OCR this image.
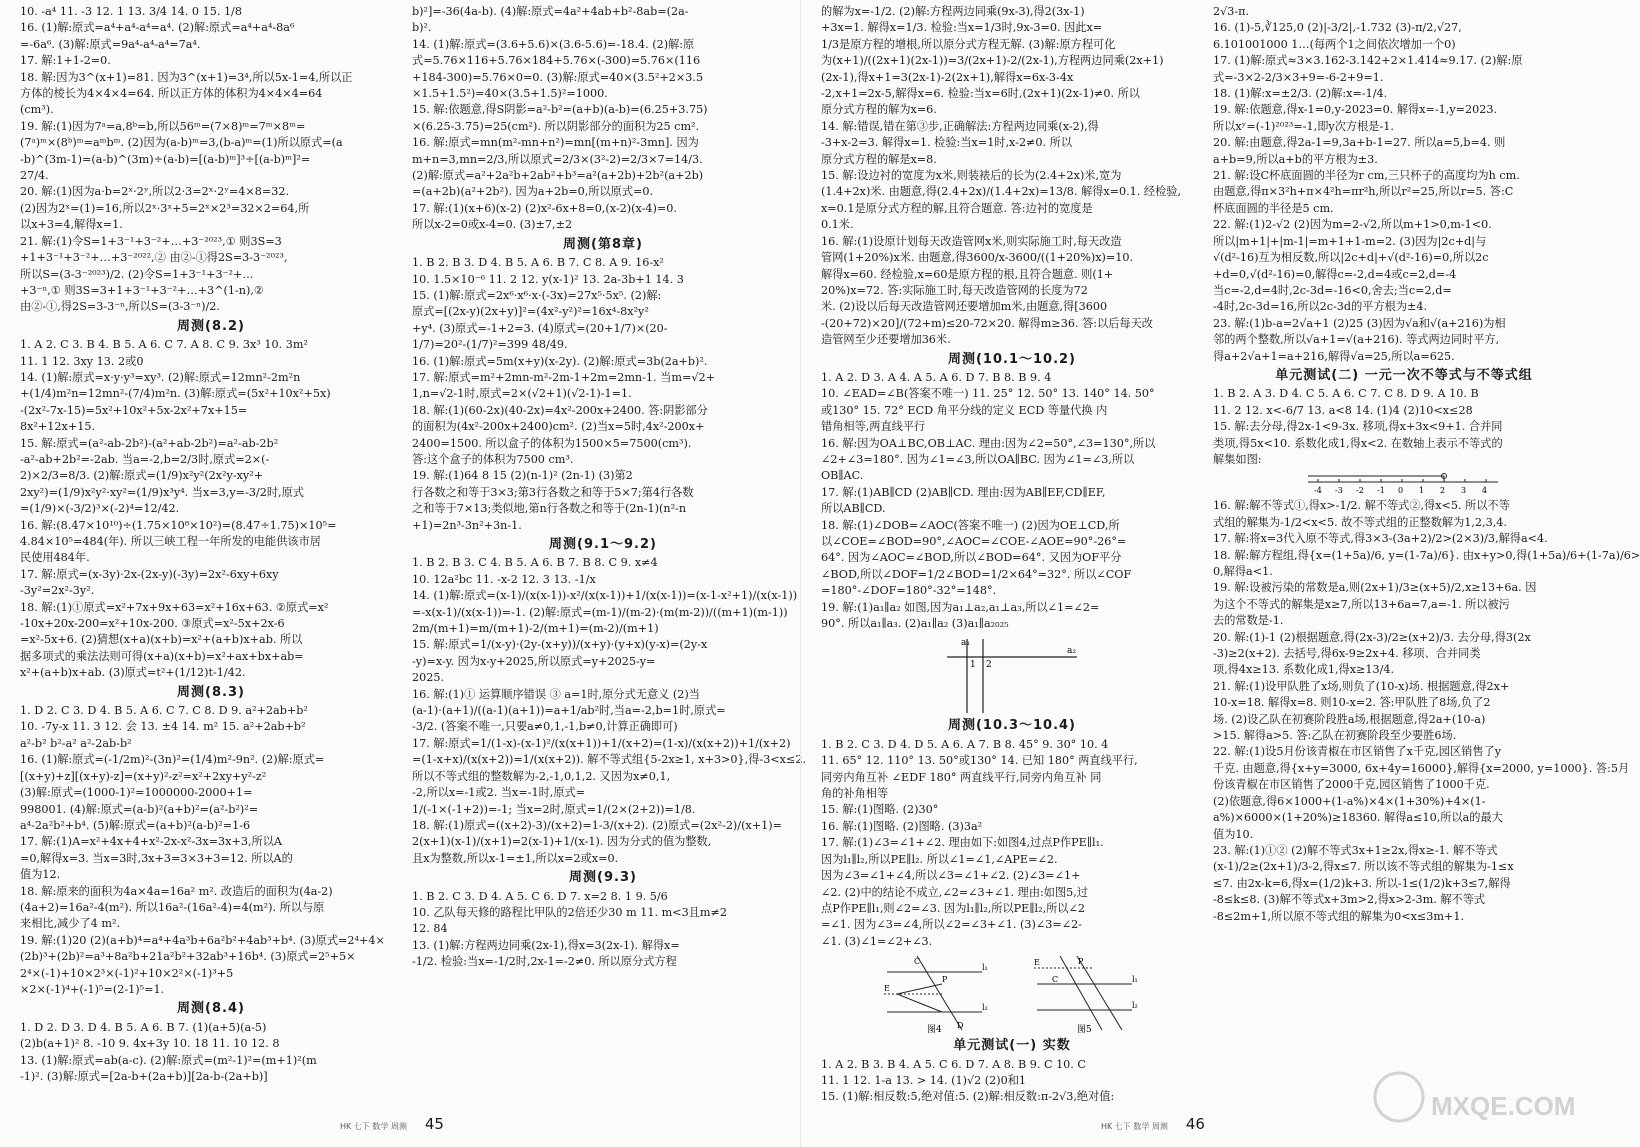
10. -a⁴ 11. -3 12. 1 13. 3/4 14. 0 15. 1/8
16. (1)解:原式=a⁴+a⁴-a⁴=a⁴. (2)解:原式=a⁴+a⁴-8a⁶
=-6a⁶. (3)解:原式=9a⁴-a⁴-a⁴=7a⁴.
17. 解:1+1-2=0.
18. 解:因为3^(x+1)=81. 因为3^(x+1)=3⁴,所以5x-1=4,所以正
方体的棱长为4×4×4=64. 所以正方体的体积为4×4×4=64
(cm³).
19. 解:(1)因为7ᵃ=a,8ᵇ=b,所以56ᵐ=(7×8)ᵐ=7ᵐ×8ᵐ=
(7ᵃ)ᵐ×(8ᵇ)ᵐ=aᵐbᵐ. (2)因为(a-b)ᵐ=3,(b-a)ᵐ=(1)所以原式=(a
-b)^(3m-1)=(a-b)^(3m)÷(a-b)=[(a-b)ᵐ]³÷[(a-b)ᵐ]²=
27/4.
20. 解:(1)因为a·b=2ˣ·2ʸ,所以2·3=2ˣ·2ʸ=4×8=32.
(2)因为2ˣ=(1)=16,所以2ˣ·3ˣ+5=2ˣ×2³=32×2=64,所
以x+3=4,解得x=1.
21. 解:(1)令S=1+3⁻¹+3⁻²+…+3⁻²⁰²³,① 则3S=3
+1+3⁻¹+3⁻²+…+3⁻²⁰²²,② 由②-①得2S=3-3⁻²⁰²³,
所以S=(3-3⁻²⁰²³)/2. (2)令S=1+3⁻¹+3⁻²+…
+3⁻ⁿ,① 则3S=3+1+3⁻¹+3⁻²+…+3^(1-n),②
由②-①,得2S=3-3⁻ⁿ,所以S=(3-3⁻ⁿ)/2.
周测(8.2)
1. A 2. C 3. B 4. B 5. A 6. C 7. A 8. C 9. 3x³ 10. 3m²
11. 1 12. 3xy 13. 2或0
14. (1)解:原式=x·y·y³=xy³. (2)解:原式=12mn²-2m²n
+(1/4)m²n=12mn²-(7/4)m²n. (3)解:原式=(5x²+10x²+5x)
-(2x²-7x-15)=5x²+10x²+5x-2x²+7x+15=
8x²+12x+15.
15. 解:原式=(a²-ab-2b²)-(a²+ab-2b²)=a²-ab-2b²
-a²-ab+2b²=-2ab. 当a=-2,b=2/3时,原式=2×(-
2)×2/3=8/3. (2)解:原式=(1/9)x²y²(2x²y-xy²+
2xy²)=(1/9)x²y²·xy²=(1/9)x³y⁴. 当x=3,y=-3/2时,原式
=(1/9)×(-3/2)³×(-2)⁴=12/42.
16. 解:(8.47×10¹⁰)÷(1.75×10⁸×10²)=(8.47÷1.75)×10⁵=
4.84×10⁵=484(年). 所以三峡工程一年所发的电能供该市居
民使用484年.
17. 解:原式=(x-3y)·2x-(2x-y)(-3y)=2x²-6xy+6xy
-3y²=2x²-3y².
18. 解:(1)①原式=x²+7x+9x+63=x²+16x+63. ②原式=x²
-10x+20x-200=x²+10x-200. ③原式=x²-5x+2x-6
=x²-5x+6. (2)猜想(x+a)(x+b)=x²+(a+b)x+ab. 所以
据多项式的乘法法则可得(x+a)(x+b)=x²+ax+bx+ab=
x²+(a+b)x+ab. (3)原式=t²+(1/12)t-1/42.
周测(8.3)
1. D 2. C 3. D 4. B 5. A 6. C 7. C 8. D 9. a²+2ab+b²
10. -7y-x 11. 3 12. 会 13. ±4 14. m² 15. a²+2ab+b²
a²-b² b²-a² a²-2ab-b²
16. (1)解:原式=(-1/2m)²-(3n)²=(1/4)m²-9n². (2)解:原式=
[(x+y)+z][(x+y)-z]=(x+y)²-z²=x²+2xy+y²-z²
(3)解:原式=(1000-1)²=1000000-2000+1=
998001. (4)解:原式=(a-b)²(a+b)²=(a²-b²)²=
a⁴-2a²b²+b⁴. (5)解:原式=(a+b)²(a-b)²=1-6
17. 解:(1)A=x²+4x+4+x²-2x-x²-3x=3x+3,所以A
=0,解得x=3. 当x=3时,3x+3=3×3+3=12. 所以A的
值为12.
18. 解:原来的面积为4a×4a=16a² m². 改造后的面积为(4a-2)
(4a+2)=16a²-4(m²). 所以16a²-(16a²-4)=4(m²). 所以与原
来相比,减少了4 m².
19. 解:(1)20 (2)(a+b)⁴=a⁴+4a³b+6a²b²+4ab³+b⁴. (3)原式=2⁴+4×
(2b)³+(2b)²=a³+8a²b+21a²b²+32ab³+16b⁴. (3)原式=2⁵+5×
2⁴×(-1)+10×2³×(-1)²+10×2²×(-1)³+5
×2×(-1)⁴+(-1)⁵=(2-1)⁵=1.
周测(8.4)
1. D 2. D 3. D 4. B 5. A 6. B 7. (1)(a+5)(a-5)
(2)b(a+1)² 8. -10 9. 4x+3y 10. 18 11. 10 12. 8
13. (1)解:原式=ab(a-c). (2)解:原式=(m²-1)²=(m+1)²(m
-1)². (3)解:原式=[2a-b+(2a+b)][2a-b-(2a+b)]
b)²]=-36(4a-b). (4)解:原式=4a²+4ab+b²-8ab=(2a-
b)².
14. (1)解:原式=(3.6+5.6)×(3.6-5.6)=-18.4. (2)解:原
式=5.76×116+5.76×184+5.76×(-300)=5.76×(116
+184-300)=5.76×0=0. (3)解:原式=40×(3.5²+2×3.5
×1.5+1.5²)=40×(3.5+1.5)²=1000.
15. 解:依题意,得S阴影=a²-b²=(a+b)(a-b)=(6.25+3.75)
×(6.25-3.75)=25(cm²). 所以阴影部分的面积为25 cm².
16. 解:原式=mn(m²-mn+n²)=mn[(m+n)²-3mn]. 因为
m+n=3,mn=2/3,所以原式=2/3×(3²-2)=2/3×7=14/3.
(2)解:原式=a²+2a²b+2ab²+b³=a²(a+2b)+2b²(a+2b)
=(a+2b)(a²+2b²). 因为a+2b=0,所以原式=0.
17. 解:(1)(x+6)(x-2) (2)x²-6x+8=0,(x-2)(x-4)=0.
所以x-2=0或x-4=0. (3)±7,±2
周测(第8章)
1. B 2. B 3. D 4. B 5. A 6. B 7. C 8. A 9. 16-x²
10. 1.5×10⁻⁶ 11. 2 12. y(x-1)² 13. 2a-3b+1 14. 3
15. (1)解:原式=2x⁶·x⁶·x·(-3x)=27x⁵·5x⁵. (2)解:
原式=[(2x-y)(2x+y)]²=(4x²-y²)²=16x⁴-8x²y²
+y⁴. (3)原式=-1+2=3. (4)原式=(20+1/7)×(20-
1/7)=20²-(1/7)²=399 48/49.
16. (1)解:原式=5m(x+y)(x-2y). (2)解:原式=3b(2a+b)².
17. 解:原式=m²+2mn-m²-2m-1+2m=2mn-1. 当m=√2+
1,n=√2-1时,原式=2×(√2+1)(√2-1)-1=1.
18. 解:(1)(60-2x)(40-2x)=4x²-200x+2400. 答:阴影部分
的面积为(4x²-200x+2400)cm². (2)当x=5时,4x²-200x+
2400=1500. 所以盒子的体积为1500×5=7500(cm³).
答:这个盒子的体积为7500 cm³.
19. 解:(1)64 8 15 (2)(n-1)² (2n-1) (3)第2
行各数之和等于3×3;第3行各数之和等于5×7;第4行各数
之和等于7×13;类似地,第n行各数之和等于(2n-1)(n²-n
+1)=2n³-3n²+3n-1.
周测(9.1～9.2)
1. B 2. B 3. C 4. B 5. A 6. B 7. B 8. C 9. x≠4
10. 12a²bc 11. -x-2 12. 3 13. -1/x
14. (1)解:原式=(x-1)/(x(x-1))-x²/(x(x-1))+1/(x(x-1))=(x-1-x²+1)/(x(x-1))
=-x(x-1)/(x(x-1))=-1. (2)解:原式=(m-1)/(m-2)·(m(m-2))/((m+1)(m-1))
2m/(m+1)=m/(m+1)-2/(m+1)=(m-2)/(m+1)
15. 解:原式=1/(x-y)·(2y-(x+y))/(x+y)·(y+x)(y-x)=(2y-x
-y)=x-y. 因为x-y+2025,所以原式=y+2025-y=
2025.
16. 解:(1)① 运算顺序错误 ③ a=1时,原分式无意义 (2)当
(a-1)·(a+1)/((a-1)(a+1))=a+1/ab²时,当a=-2,b=1时,原式=
-3/2. (答案不唯一,只要a≠0,1,-1,b≠0,计算正确即可)
17. 解:原式=1/(1-x)-(x-1)²/(x(x+1))+1/(x+2)=(1-x)/(x(x+2))+1/(x+2)
=(1-x+x)/(x(x+2))=1/(x(x+2)). 解不等式组{5-2x≥1, x+3>0},得-3<x≤2.
所以不等式组的整数解为-2,-1,0,1,2. 又因为x≠0,1,
-2,所以x=-1或2. 当x=-1时,原式=
1/(-1×(-1+2))=-1; 当x=2时,原式=1/(2×(2+2))=1/8.
18. 解:(1)原式=((x+2)-3)/(x+2)=1-3/(x+2). (2)原式=(2x²-2)/(x+1)=
2(x+1)(x-1)/(x+1)=2(x-1)+1/(x-1). 因为分式的值为整数,
且x为整数,所以x-1=±1,所以x=2或x=0.
周测(9.3)
1. B 2. C 3. D 4. A 5. C 6. D 7. x=2 8. 1 9. 5/6
10. 乙队每天修的路程比甲队的2倍还少30 m 11. m<3且m≠2
12. 84
13. (1)解:方程两边同乘(2x-1),得x=3(2x-1). 解得x=
-1/2. 检验:当x=-1/2时,2x-1=-2≠0. 所以原分式方程
HK 七下 数学 周测 45
的解为x=-1/2. (2)解:方程两边同乘(9x-3),得2(3x-1)
+3x=1. 解得x=1/3. 检验:当x=1/3时,9x-3=0. 因此x=
1/3是原方程的增根,所以原分式方程无解. (3)解:原方程可化
为(x+1)/((2x+1)(2x-1))=3/(2x+1)-2/(2x-1),方程两边同乘(2x+1)
(2x-1),得x+1=3(2x-1)-2(2x+1),解得x=6x-3-4x
-2,x+1=2x-5,解得x=6. 检验:当x=6时,(2x+1)(2x-1)≠0. 所以
原分式方程的解为x=6.
14. 解:错误,错在第③步,正确解法:方程两边同乘(x-2),得
-3+x-2=3. 解得x=1. 检验:当x=1时,x-2≠0. 所以
原分式方程的解是x=8.
15. 解:设边衬的宽度为x米,则装裱后的长为(2.4+2x)米,宽为
(1.4+2x)米. 由题意,得(2.4+2x)/(1.4+2x)=13/8. 解得x=0.1. 经检验,
x=0.1是原分式方程的解,且符合题意. 答:边衬的宽度是
0.1米.
16. 解:(1)设原计划每天改造管网x米,则实际施工时,每天改造
管网(1+20%)x米. 由题意,得3600/x-3600/((1+20%)x)=10.
解得x=60. 经检验,x=60是原方程的根,且符合题意. 则(1+
20%)x=72. 答:实际施工时,每天改造管网的长度为72
米. (2)设以后每天改造管网还要增加m米,由题意,得[3600
-(20+72)×20]/(72+m)≤20-72×20. 解得m≥36. 答:以后每天改
造管网至少还要增加36米.
周测(10.1～10.2)
1. A 2. D 3. A 4. A 5. A 6. D 7. B 8. B 9. 4
10. ∠EAD=∠B(答案不唯一) 11. 25° 12. 50° 13. 140° 14. 50°
或130° 15. 72° ECD 角平分线的定义 ECD 等量代换 内
错角相等,两直线平行
16. 解:因为OA⊥BC,OB⊥AC. 理由:因为∠2=50°,∠3=130°,所以
∠2+∠3=180°. 因为∠1=∠3,所以OA∥BC. 因为∠1=∠3,所以
OB∥AC.
17. 解:(1)AB∥CD (2)AB∥CD. 理由:因为AB∥EF,CD∥EF,
所以AB∥CD.
18. 解:(1)∠DOB=∠AOC(答案不唯一) (2)因为OE⊥CD,所
以∠COE=∠BOD=90°,∠AOC=∠COE-∠AOE=90°-26°=
64°. 因为∠AOC=∠BOD,所以∠BOD=64°. 又因为OF平分
∠BOD,所以∠DOF=1/2∠BOD=1/2×64°=32°. 所以∠COF
=180°-∠DOF=180°-32°=148°.
19. 解:(1)a₁∥a₂ 如图,因为a₁⊥a₂,a₁⊥a₃,所以∠1=∠2=
90°. 所以a₁∥a₃. (2)a₁∥a₂ (3)a₁∥a₂₀₂₅
a₁
a₂
1 2
周测(10.3～10.4)
1. B 2. C 3. D 4. D 5. A 6. A 7. B 8. 45° 9. 30° 10. 4
11. 65° 12. 110° 13. 50°或130° 14. 已知 180° 两直线平行,
同旁内角互补 ∠EDF 180° 两直线平行,同旁内角互补 同
角的补角相等
15. 解:(1)图略. (2)30°
16. 解:(1)图略. (2)图略. (3)3a²
17. 解:(1)∠3=∠1+∠2. 理由如下:如图4,过点P作PE∥l₁.
因为l₁∥l₂,所以PE∥l₂. 所以∠1=∠1,∠APE=∠2.
因为∠3=∠1+∠4,所以∠3=∠1+∠2. (2)∠3=∠1+
∠2. (2)中的结论不成立,∠2=∠3+∠1. 理由:如图5,过
点P作PE∥l₁,则∠2=∠3. 因为l₁∥l₂,所以PE∥l₂,所以∠2
=∠1. 因为∠3=∠4,所以∠2=∠3+∠1. (3)∠3=∠2-
∠1. (3)∠1=∠2+∠3.
E
P
C
l₁
l₂
D
图4
E	P
C	l₁
l₂
图5
单元测试(一) 实数
1. A 2. B 3. B 4. A 5. C 6. D 7. A 8. B 9. C 10. C
11. 1 12. 1-a 13. > 14. (1)√2 (2)0和1
15. (1)解:相反数:5,绝对值:5. (2)解:相反数:π-2√3,绝对值:
2√3-π.
16. (1)-5,∛125,0 (2)|-3/2|,-1.732 (3)-π/2,√27,
6.101001000 1…(每两个1之间依次增加一个0)
17. (1)解:原式≈3×3.162-3.142+2×1.414≈9.17. (2)解:原
式=-3×2-2/3×3+9=-6-2+9=1.
18. (1)解:x=±2/3. (2)解:x=-1/4.
19. 解:依题意,得x-1=0,y-2023=0. 解得x=-1,y=2023.
所以xʸ=(-1)²⁰²³=-1,即y次方根是-1.
20. 解:由题意,得2a-1=9,3a+b-1=27. 所以a=5,b=4. 则
a+b=9,所以a+b的平方根为±3.
21. 解:设C杯底面圆的半径为r cm,三只杯子的高度均为h cm.
由题意,得π×3²h+π×4²h=πr²h,所以r²=25,所以r=5. 答:C
杯底面圆的半径是5 cm.
22. 解:(1)2-√2 (2)因为m=2-√2,所以m+1>0,m-1<0.
所以|m+1|+|m-1|=m+1+1-m=2. (3)因为|2c+d|与
√(d²-16)互为相反数,所以|2c+d|+√(d²-16)=0,所以2c
+d=0,√(d²-16)=0,解得c=-2,d=4或c=2,d=-4
当c=-2,d=4时,2c-3d=-16<0,舍去;当c=2,d=
-4时,2c-3d=16,所以2c-3d的平方根为±4.
23. 解:(1)b-a=2√a+1 (2)25 (3)因为√a和√(a+216)为相
邻的两个整数,所以√a+1=√(a+216). 等式两边同时平方,
得a+2√a+1=a+216,解得√a=25,所以a=625.
单元测试(二) 一元一次不等式与不等式组
1. B 2. A 3. D 4. C 5. A 6. C 7. C 8. D 9. A 10. B
11. 2 12. x<-6/7 13. a<8 14. (1)4 (2)10<x≤28
15. 解:去分母,得2x-1<9-3x. 移项,得x+3x<9+1. 合并同
类项,得5x<10. 系数化成1,得x<2. 在数轴上表示不等式的
解集如图:
-4 -3 -2 -1 0 1 2 3 4
16. 解:解不等式①,得x>-1/2. 解不等式②,得x<5. 所以不等
式组的解集为-1/2<x<5. 故不等式组的正整数解为1,2,3,4.
17. 解:将x=3代入原不等式,得3×3-(3a+2)/2>(2×3)/3,解得a<4.
18. 解:解方程组,得{x=(1+5a)/6, y=(1-7a)/6}. 由x+y>0,得(1+5a)/6+(1-7a)/6>
0,解得a<1.
19. 解:设被污染的常数是a,则(2x+1)/3≥(x+5)/2,x≥13+6a. 因
为这个不等式的解集是x≥7,所以13+6a=7,a=-1. 所以被污
去的常数是-1.
20. 解:(1)-1 (2)根据题意,得(2x-3)/2≥(x+2)/3. 去分母,得3(2x
-3)≥2(x+2). 去括号,得6x-9≥2x+4. 移项、合并同类
项,得4x≥13. 系数化成1,得x≥13/4.
21. 解:(1)设甲队胜了x场,则负了(10-x)场. 根据题意,得2x+
10-x=18. 解得x=8. 则10-x=2. 答:甲队胜了8场,负了2
场. (2)设乙队在初赛阶段胜a场,根据题意,得2a+(10-a)
>15. 解得a>5. 答:乙队在初赛阶段至少要胜6场.
22. 解:(1)设5月份该青椒在市区销售了x千克,园区销售了y
千克. 由题意,得{x+y=3000, 6x+4y=16000},解得{x=2000, y=1000}. 答:5月
份该青椒在市区销售了2000千克,园区销售了1000千克.
(2)依题意,得6×1000+(1-a%)×4×(1+30%)+4×(1-
a%)×6000×(1+20%)≥18360. 解得a≤10,所以a的最大
值为10.
23. 解:(1)①② (2)解不等式3x+1≥2x,得x≥-1. 解不等式
(x-1)/2≥(2x+1)/3-2,得x≤7. 所以该不等式组的解集为-1≤x
≤7. 由2x-k=6,得x=(1/2)k+3. 所以-1≤(1/2)k+3≤7,解得
-8≤k≤8. (3)解不等式x+3m>2,得x>2-3m. 解不等式
-8≤2m+1,所以原不等式组的解集为0<x≤3m+1.
HK 七下 数学 周测 46
MXQE.COM
